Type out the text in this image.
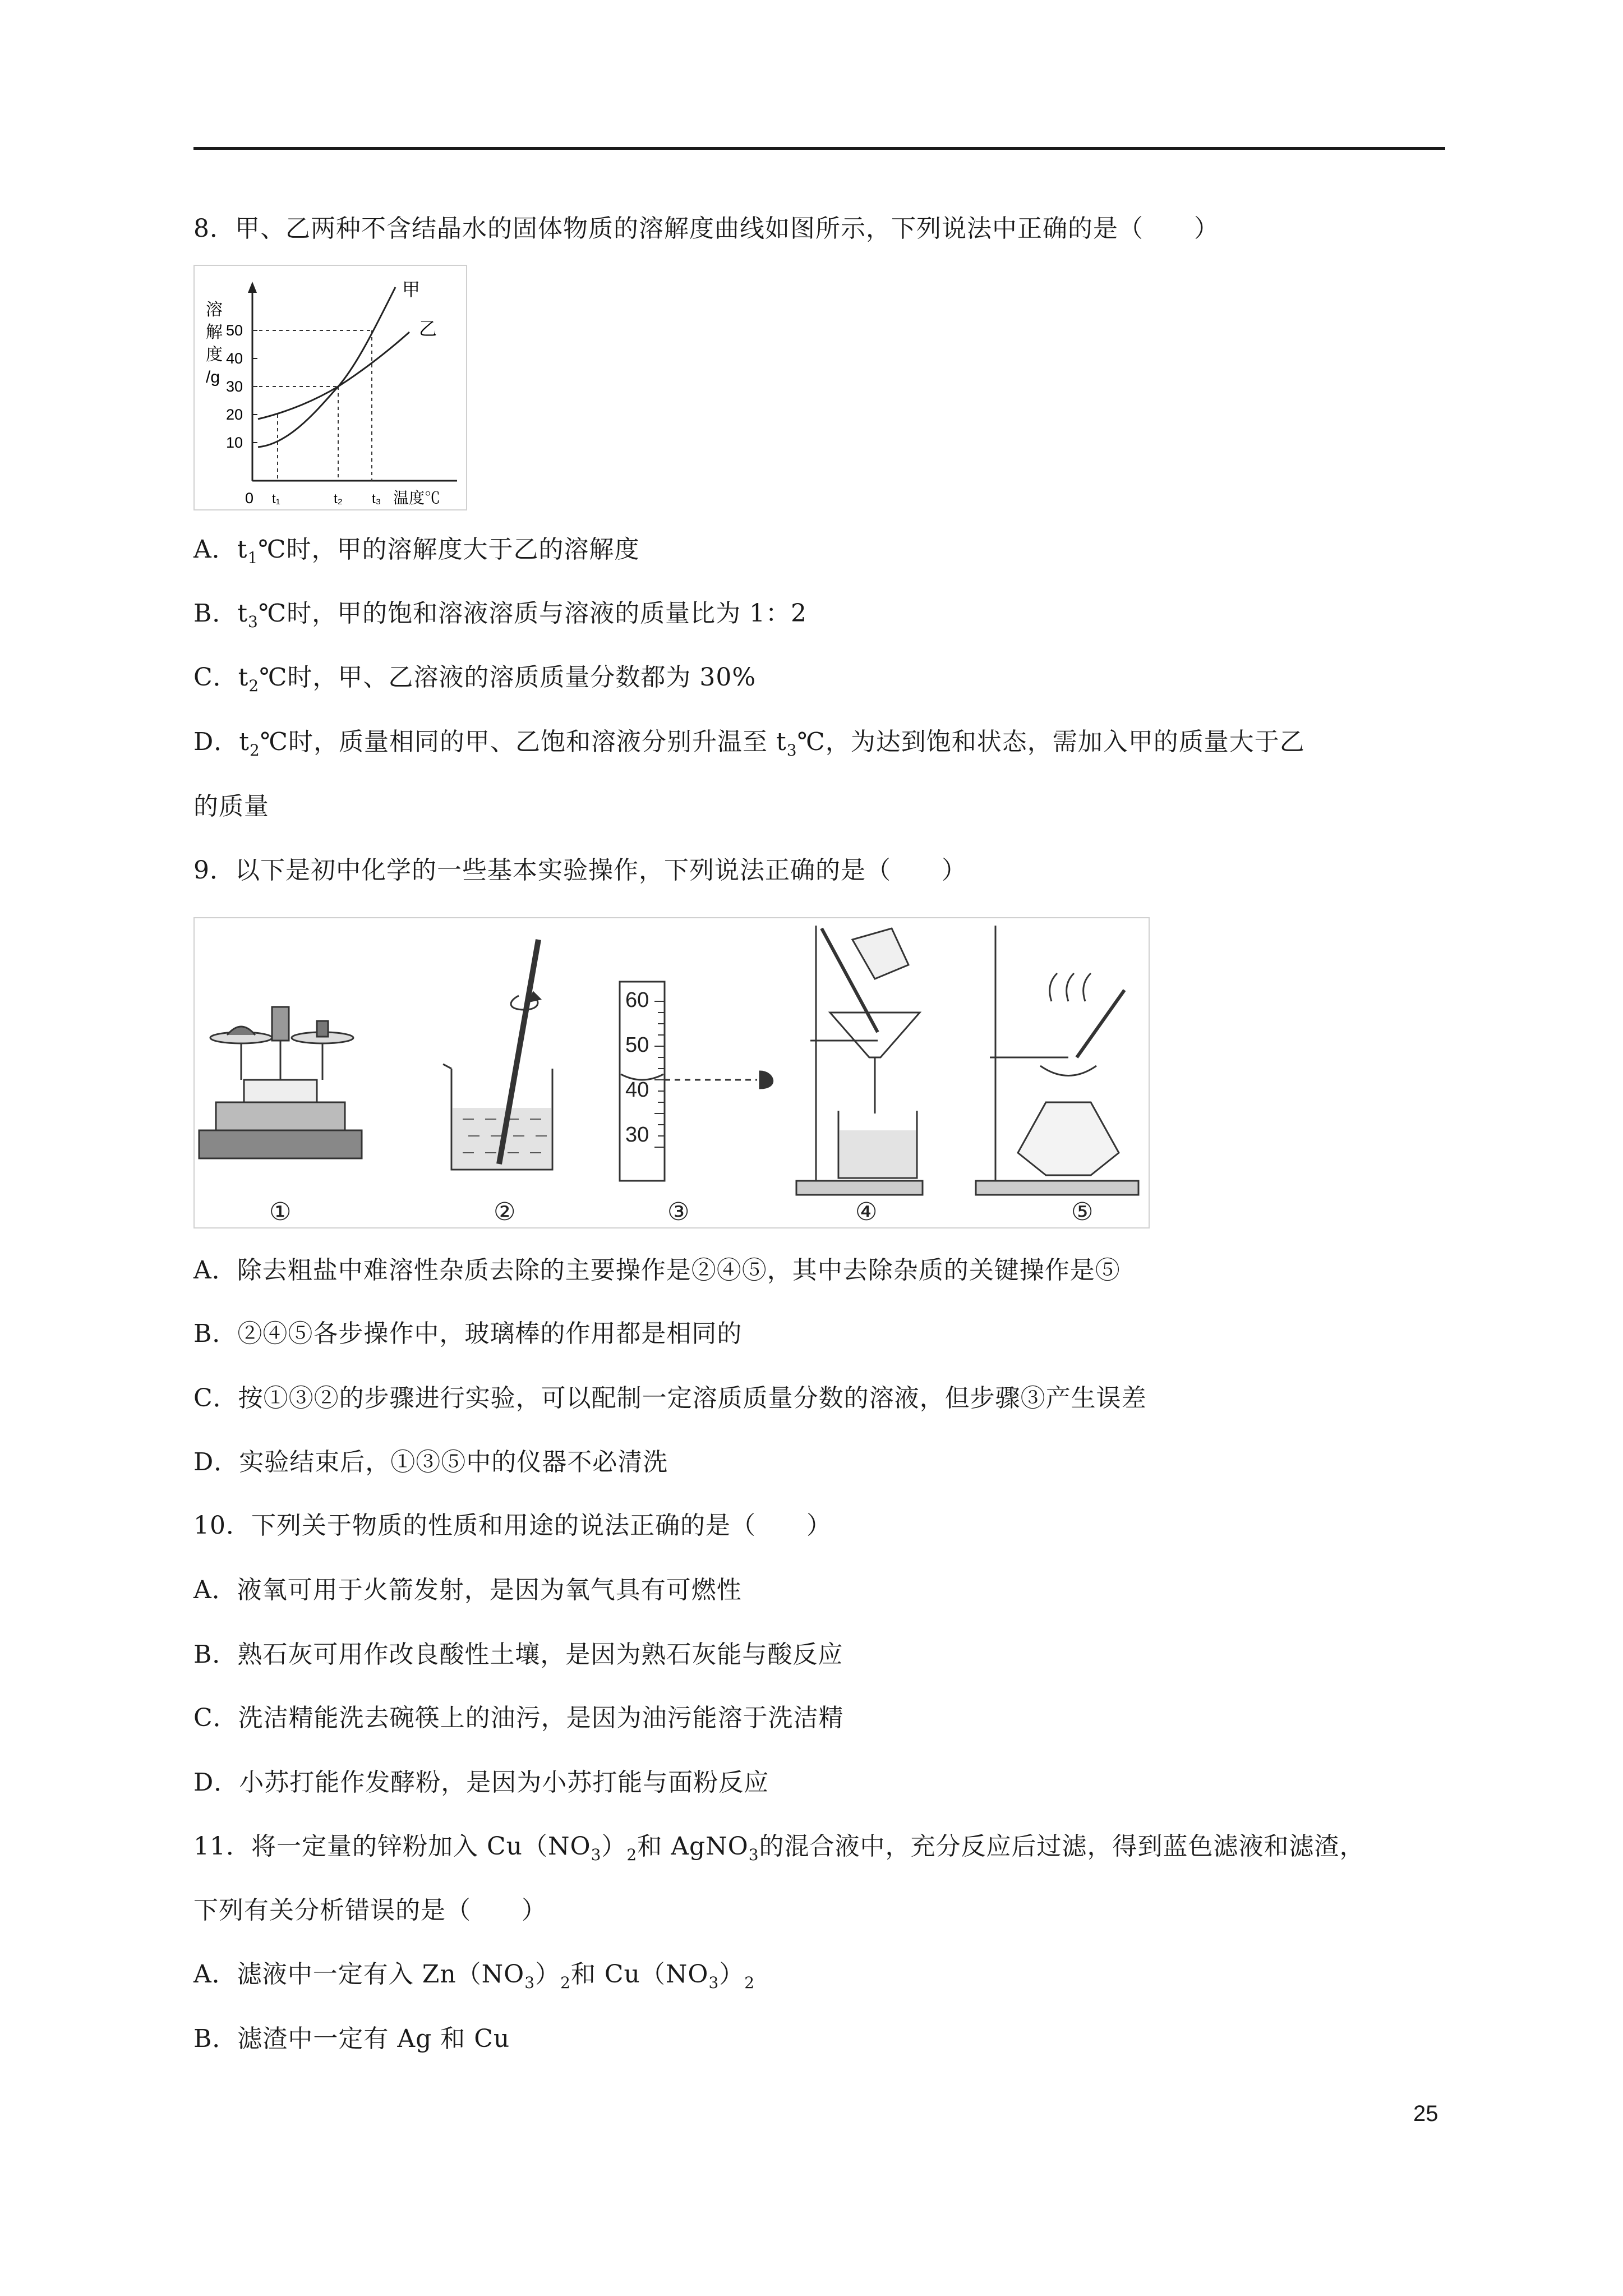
8．甲、乙两种不含结晶水的固体物质的溶解度曲线如图所示，下列说法中正确的是（　　）
溶
解
度
/g
50
40
30
20
10
0 t₁	t₂ t₃ 温度℃
甲
乙
A．$t_1℃$时，甲的溶解度大于乙的溶解度
B．$t_3℃$时，甲的饱和溶液溶质与溶液的质量比为 1：2
C．$t_2℃$时，甲、乙溶液的溶质质量分数都为 30%
D．$t_2℃$时，质量相同的甲、乙饱和溶液分别升温至 $t_3℃$，为达到饱和状态，需加入甲的质量大于乙
的质量
9．以下是初中化学的一些基本实验操作，下列说法正确的是（　　）
60
50
40
30
①	②	③	④	⑤
A．除去粗盐中难溶性杂质去除的主要操作是②④⑤，其中去除杂质的关键操作是⑤
B．②④⑤各步操作中，玻璃棒的作用都是相同的
C．按①③②的步骤进行实验，可以配制一定溶质质量分数的溶液，但步骤③产生误差
D．实验结束后，①③⑤中的仪器不必清洗
10．下列关于物质的性质和用途的说法正确的是（　　）
A．液氧可用于火箭发射，是因为氧气具有可燃性
B．熟石灰可用作改良酸性土壤，是因为熟石灰能与酸反应
C．洗洁精能洗去碗筷上的油污，是因为油污能溶于洗洁精
D．小苏打能作发酵粉，是因为小苏打能与面粉反应
11．将一定量的锌粉加入 $Cu(NO_3)_2$和 AgNO$_3$的混合液中，充分反应后过滤，得到蓝色滤液和滤渣，
下列有关分析错误的是（　　）
A．滤液中一定有入 $Zn(NO_3)_2$和 $Cu(NO_3)_2$
B．滤渣中一定有 Ag 和 Cu
25
